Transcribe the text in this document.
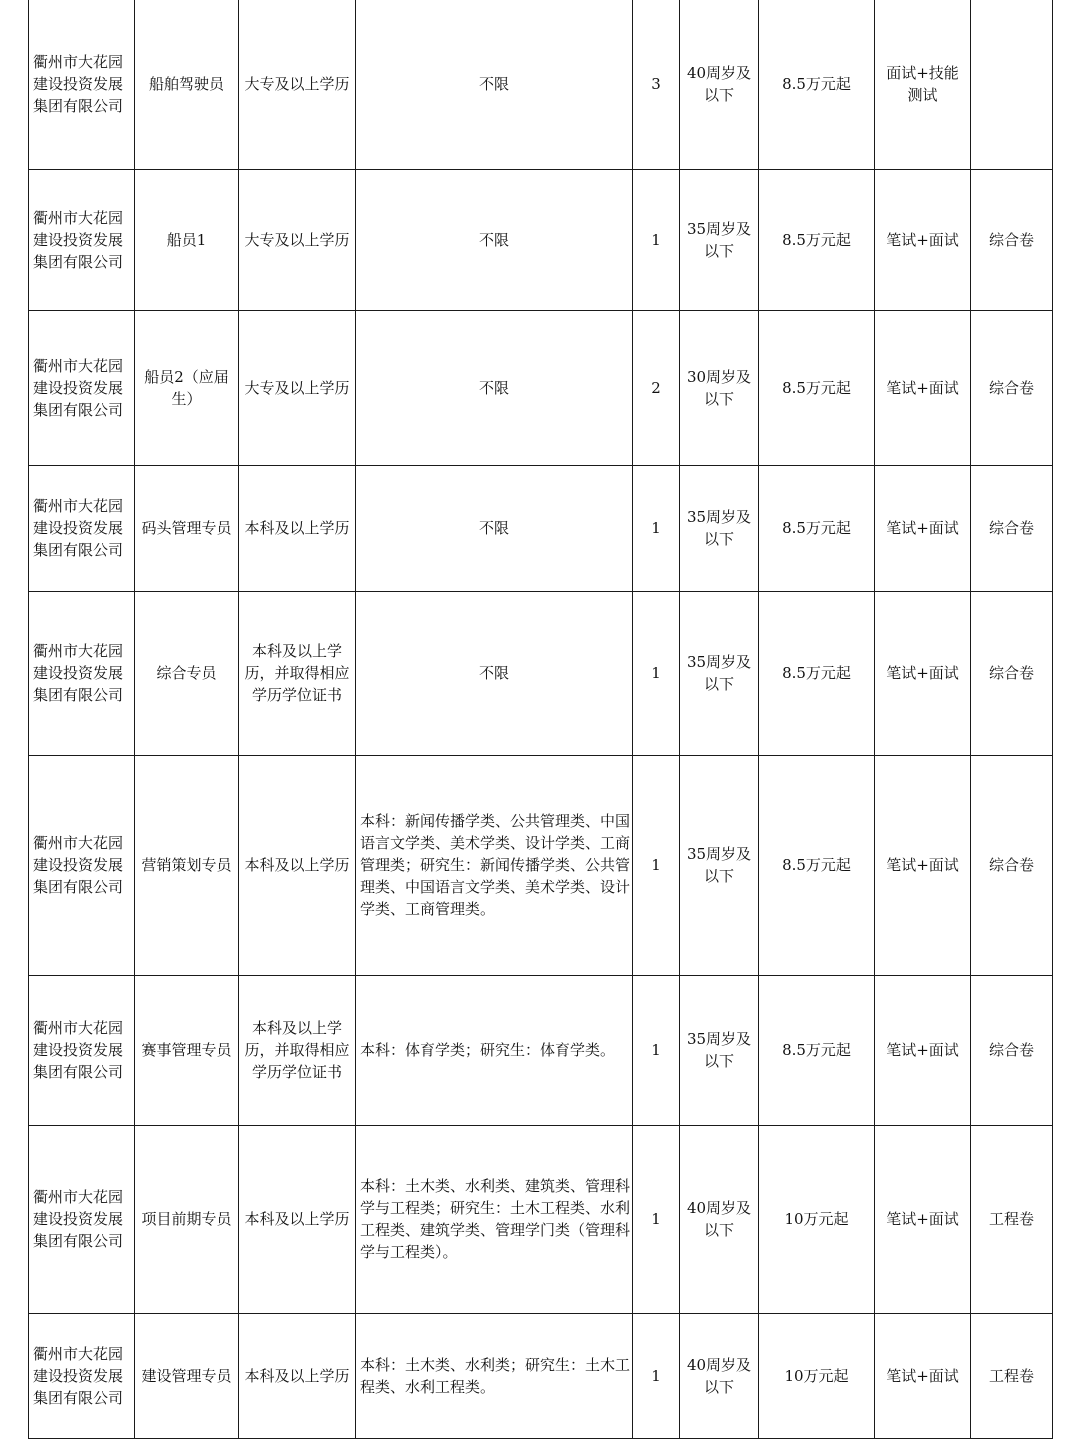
衢州市大花园建设投资发展集团有限公司	船舶驾驶员	大专及以上学历	不限	3	40周岁及以下	8.5万元起	面试+技能测试	
衢州市大花园建设投资发展集团有限公司	船员1	大专及以上学历	不限	1	35周岁及以下	8.5万元起	笔试+面试	综合卷
衢州市大花园建设投资发展集团有限公司	船员2（应届生）	大专及以上学历	不限	2	30周岁及以下	8.5万元起	笔试+面试	综合卷
衢州市大花园建设投资发展集团有限公司	码头管理专员	本科及以上学历	不限	1	35周岁及以下	8.5万元起	笔试+面试	综合卷
衢州市大花园建设投资发展集团有限公司	综合专员	本科及以上学历，并取得相应学历学位证书	不限	1	35周岁及以下	8.5万元起	笔试+面试	综合卷
衢州市大花园建设投资发展集团有限公司	营销策划专员	本科及以上学历	本科：新闻传播学类、公共管理类、中国语言文学类、美术学类、设计学类、工商管理类；研究生：新闻传播学类、公共管理类、中国语言文学类、美术学类、设计学类、工商管理类。	1	35周岁及以下	8.5万元起	笔试+面试	综合卷
衢州市大花园建设投资发展集团有限公司	赛事管理专员	本科及以上学历，并取得相应学历学位证书	本科：体育学类；研究生：体育学类。	1	35周岁及以下	8.5万元起	笔试+面试	综合卷
衢州市大花园建设投资发展集团有限公司	项目前期专员	本科及以上学历	本科：土木类、水利类、建筑类、管理科学与工程类；研究生：土木工程类、水利工程类、建筑学类、管理学门类（管理科学与工程类）。	1	40周岁及以下	10万元起	笔试+面试	工程卷
衢州市大花园建设投资发展集团有限公司	建设管理专员	本科及以上学历	本科：土木类、水利类；研究生：土木工程类、水利工程类。	1	40周岁及以下	10万元起	笔试+面试	工程卷
